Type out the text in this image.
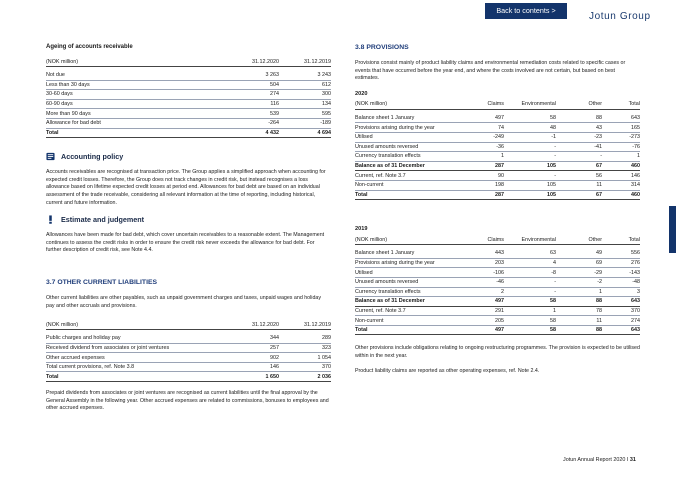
Back to contents >
Jotun Group
Ageing of accounts receivable
(NOK million)	31.12.2020	31.12.2019

Not due	3 263	3 243
Less than 30 days	504	612
30-60 days	274	300
60-90 days	116	134
More than 90 days	539	595
Allowance for bad debt	-264	-189
Total	4 432	4 694
Accounting policy

Accounts receivables are recognised at transaction price. The Group applies a simplified approach when accounting for expected credit losses. Therefore, the Group does not track changes in credit risk, but instead recognises a loss allowance based on lifetime expected credit losses at period end. Allowances for bad debt are based on an individual assessment of the trade receivable, considering all relevant information at the time of reporting, including historical, current and future information.

Estimate and judgement

Allowances have been made for bad debt, which cover uncertain receivables to a reasonable extent. The Management continues to assess the credit risks in order to ensure the credit risk never exceeds the allowance for bad debt. For further description of credit risk, see Note 4.4.

3.7 OTHER CURRENT LIABILITIES

Other current liabilities are other payables, such as unpaid government charges and taxes, unpaid wages and holiday pay and other accruals and provisions.

(NOK million)	31.12.2020	31.12.2019

Public charges and holiday pay	344	289
Received dividend from associates or joint ventures	257	323
Other accrued expenses	902	1 054
Total current provisions, ref. Note 3.8	146	370
Total	1 650	2 036

Prepaid dividends from associates or joint ventures are recognised as current liabilities until the final approval by the General Assembly in the following year. Other accrued expenses are related to commissions, bonuses to employees and other accrued expenses.

3.8 PROVISIONS

Provisions consist mainly of product liability claims and environmental remediation costs related to specific cases or events that have occurred before the year end, and where the costs involved are not certain, but based on best estimates.

2020
(NOK million)	Claims	Environmental	Other	Total

Balance sheet 1 January	497	58	88	643
Provisions arising during the year	74	48	43	165
Utilised	-249	-1	-23	-273
Unused amounts reversed	-36	-	-41	-76
Currency translation effects	1	-	-	1
Balance as of 31 December	287	105	67	460
Current, ref. Note 3.7	90	-	56	146
Non-current	198	105	11	314
Total	287	105	67	460
2019
(NOK million)	Claims	Environmental	Other	Total

Balance sheet 1 January	443	63	49	556
Provisions arising during the year	203	4	69	276
Utilised	-106	-8	-29	-143
Unused amounts reversed	-46	-	-2	-48
Currency translation effects	2	-	1	3
Balance as of 31 December	497	58	88	643
Current, ref. Note 3.7	291	1	78	370
Non-current	205	58	11	274
Total	497	58	88	643

Other provisions include obligations relating to ongoing restructuring programmes. The provision is expected to be utilised within in the next year.

Product liability claims are reported as other operating expenses, ref. Note 2.4.

Jotun Annual Report 2020 I 31
